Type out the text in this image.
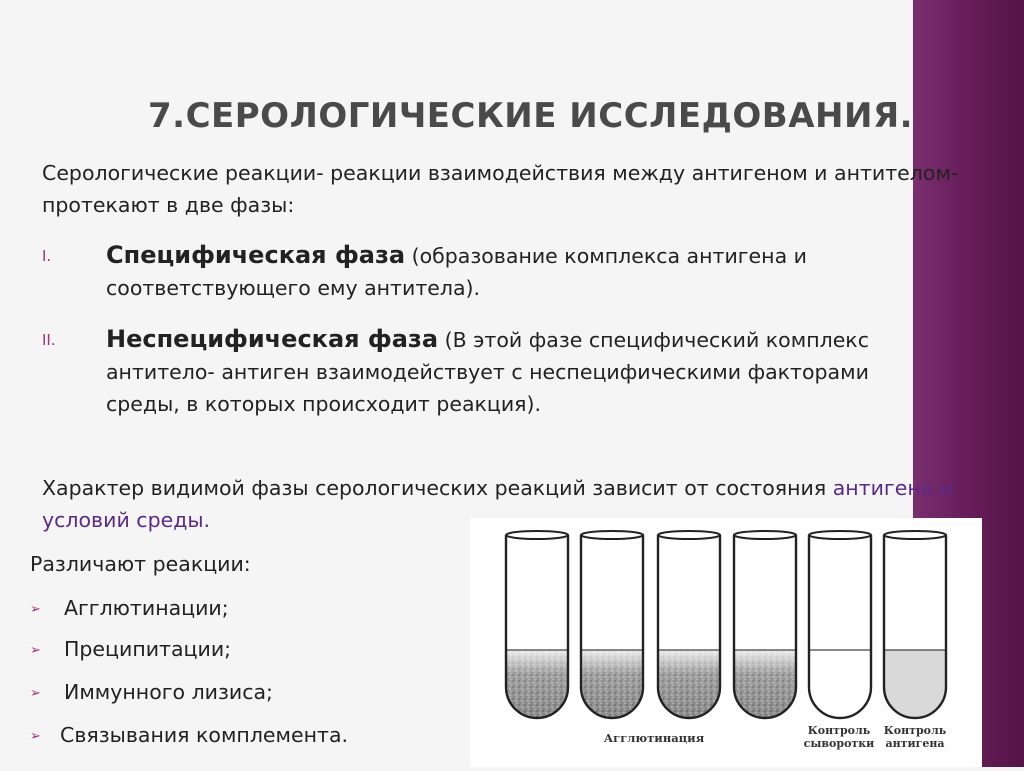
7.СЕРОЛОГИЧЕСКИЕ ИССЛЕДОВАНИЯ.
Серологические реакции- реакции взаимодействия между антигеном и антителом- протекают в две фазы:
I. Специфическая фаза (образование комплекса антигена и соответствующего ему антитела).
II. Неспецифическая фаза (В этой фазе специфический комплекс антитело- антиген взаимодействует с неспецифическими факторами среды, в которых происходит реакция).
Характер видимой фазы серологических реакций зависит от состояния антигена и условий среды.
Различают реакции:
➢ Агглютинации;
➢ Преципитации;
➢ Иммунного лизиса;
➢ Связывания комплемента.	Агглютинация
Контроль
сыворотки
Контроль
антигена
